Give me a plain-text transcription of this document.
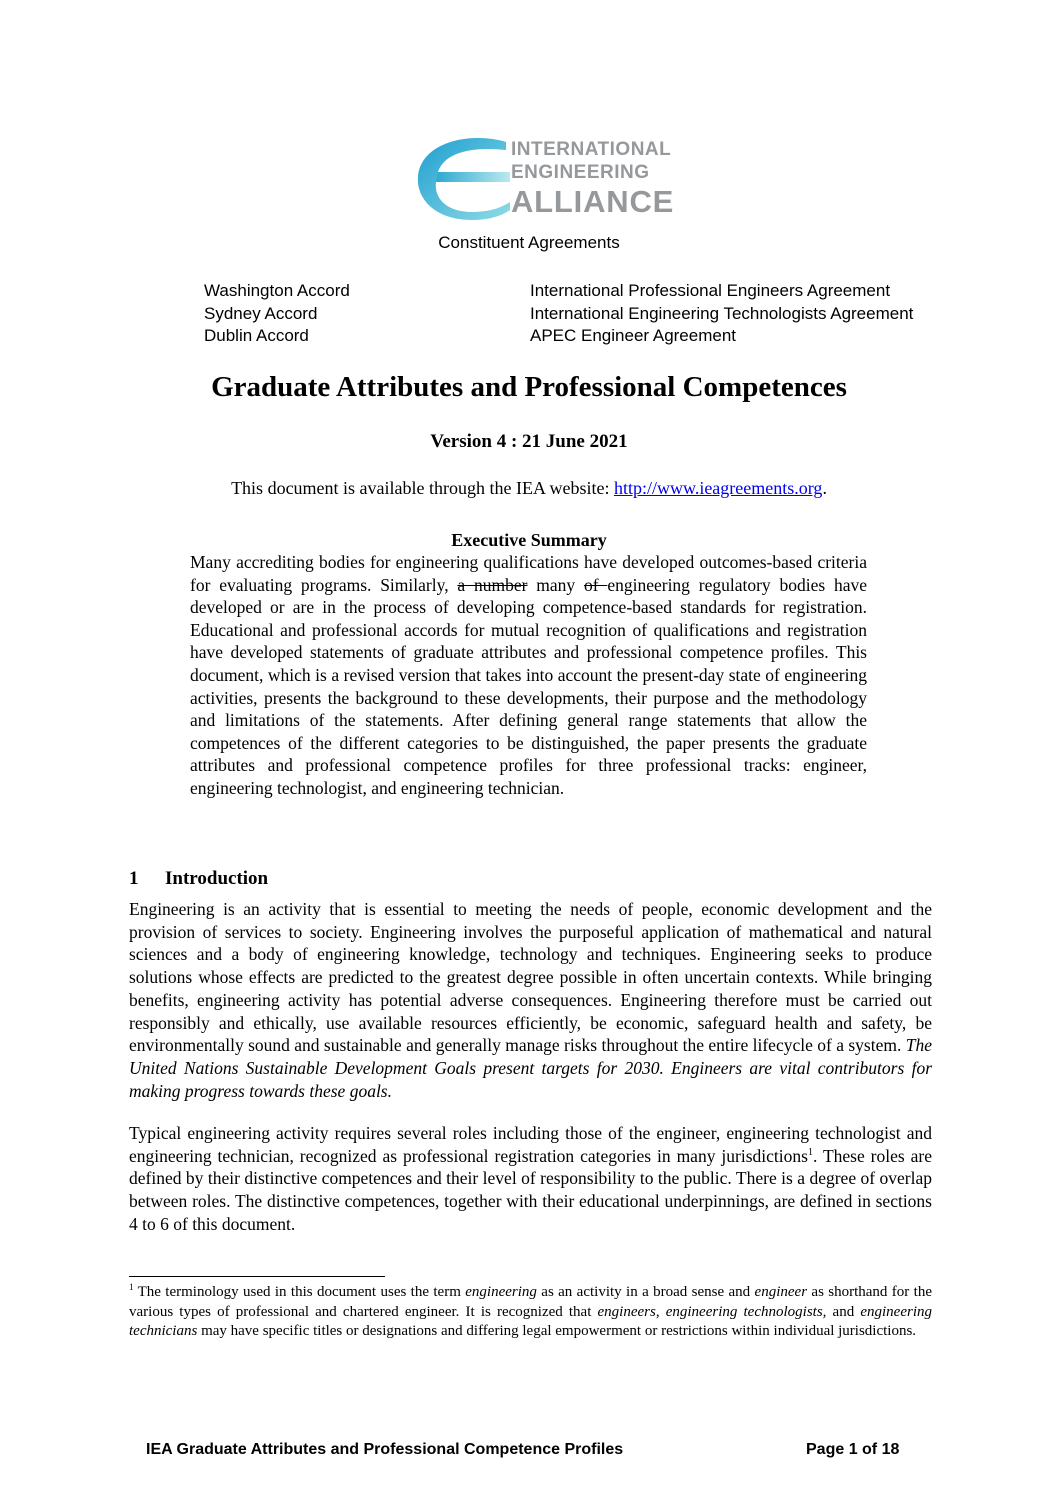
INTERNATIONAL
ENGINEERING
ALLIANCE
Constituent Agreements
Washington Accord
Sydney Accord
Dublin Accord
International Professional Engineers Agreement
International Engineering Technologists Agreement
APEC Engineer Agreement
Graduate Attributes and Professional Competences
Version 4 : 21 June 2021
This document is available through the IEA website: http://www.ieagreements.org.
Executive Summary
Many accrediting bodies for engineering qualifications have developed outcomes-based criteria for evaluating programs. Similarly, a number many of engineering regulatory bodies have developed or are in the process of developing competence-based standards for registration. Educational and professional accords for mutual recognition of qualifications and registration have developed statements of graduate attributes and professional competence profiles. This document, which is a revised version that takes into account the present-day state of engineering activities, presents the background to these developments, their purpose and the methodology and limitations of the statements. After defining general range statements that allow the competences of the different categories to be distinguished, the paper presents the graduate attributes and professional competence profiles for three professional tracks: engineer, engineering technologist, and engineering technician.
1 Introduction
Engineering is an activity that is essential to meeting the needs of people, economic development and the provision of services to society. Engineering involves the purposeful application of mathematical and natural sciences and a body of engineering knowledge, technology and techniques. Engineering seeks to produce solutions whose effects are predicted to the greatest degree possible in often uncertain contexts. While bringing benefits, engineering activity has potential adverse consequences. Engineering therefore must be carried out responsibly and ethically, use available resources efficiently, be economic, safeguard health and safety, be environmentally sound and sustainable and generally manage risks throughout the entire lifecycle of a system. The United Nations Sustainable Development Goals present targets for 2030. Engineers are vital contributors for making progress towards these goals.
Typical engineering activity requires several roles including those of the engineer, engineering technologist and engineering technician, recognized as professional registration categories in many jurisdictions$^1$. These roles are defined by their distinctive competences and their level of responsibility to the public. There is a degree of overlap between roles. The distinctive competences, together with their educational underpinnings, are defined in sections 4 to 6 of this document.
$^1$ The terminology used in this document uses the term engineering as an activity in a broad sense and engineer as shorthand for the various types of professional and chartered engineer. It is recognized that engineers, engineering technologists, and engineering technicians may have specific titles or designations and differing legal empowerment or restrictions within individual jurisdictions.
IEA Graduate Attributes and Professional Competence Profiles	Page 1 of 18
